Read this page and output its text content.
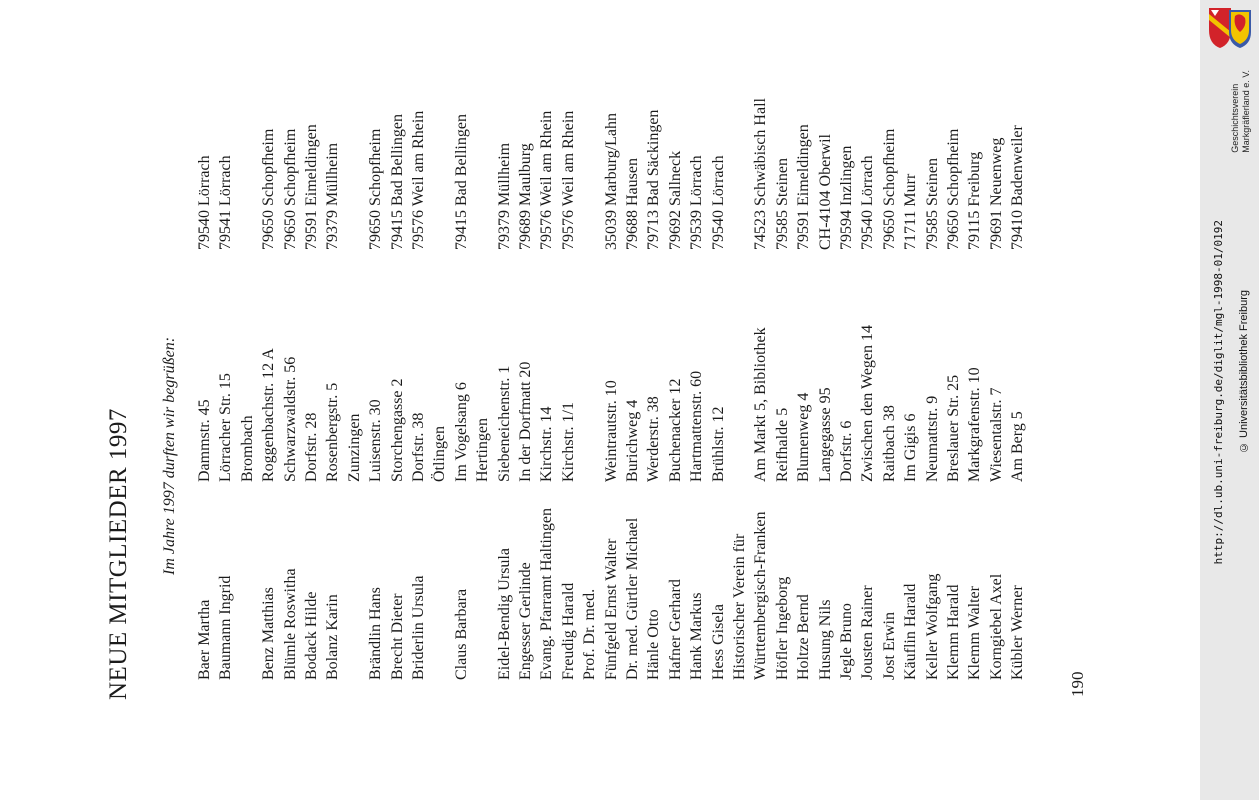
NEUE MITGLIEDER 1997 Im Jahre 1997 durften wir begrüßen:
Baer Martha
Dammstr. 45
79540 Lörrach
Baumann Ingrid
Lörracher Str. 15
79541 Lörrach
Brombach
Benz Matthias
Roggenbachstr. 12 A
79650 Schopfheim
Blümle Roswitha
Schwarzwaldstr. 56
79650 Schopfheim
Bodack Hilde
Dorfstr. 28
79591 Eimeldingen
Bolanz Karin
Rosenbergstr. 5
79379 Müllheim
Zunzingen
Brändlin Hans
Luisenstr. 30
79650 Schopfheim
Brecht Dieter
Storchengasse 2
79415 Bad Bellingen
Briderlin Ursula
Dorfstr. 38
79576 Weil am Rhein
Ötlingen
Claus Barbara
Im Vogelsang 6
79415 Bad Bellingen
Hertingen
Eidel-Bendig Ursula
Siebeneichenstr. 1
79379 Müllheim
Engesser Gerlinde
In der Dorfmatt 20
79689 Maulburg
Evang. Pfarramt Haltingen
Kirchstr. 14
79576 Weil am Rhein
Freudig Harald
Kirchstr. 1/1
79576 Weil am Rhein
Prof. Dr. med. Fünfgeld Ernst Walter
Weintrautstr. 10
35039 Marburg/Lahn
Dr. med. Gürtler Michael
Burichweg 4
79688 Hausen
Hänle Otto
Werderstr. 38
79713 Bad Säckingen
Hafner Gerhard
Buchenacker 12
79692 Sallneck
Hank Markus
Hartmattenstr. 60
79539 Lörrach
Hess Gisela
Brühlstr. 12
79540 Lörrach
Historischer Verein für Württembergisch-Franken
Am Markt 5, Bibliothek
74523 Schwäbisch Hall
Höfler Ingeborg
Reifhalde 5
79585 Steinen
Holtze Bernd
Blumenweg 4
79591 Eimeldingen
Husung Nils
Langegasse 95
CH-4104 Oberwil
Jegle Bruno
Dorfstr. 6
79594 Inzlingen
Jousten Rainer
Zwischen den Wegen 14
79540 Lörrach
Jost Erwin
Raitbach 38
79650 Schopfheim
Käuflin Harald
Im Gigis 6
71711 Murr
Keller Wolfgang
Neumattstr. 9
79585 Steinen
Klemm Harald
Breslauer Str. 25
79650 Schopfheim
Klemm Walter
Markgrafenstr. 10
79115 Freiburg
Korngiebel Axel
Wiesentalstr. 7
79691 Neuenweg
Kübler Werner
Am Berg 5
79410 Badenweiler
190
Geschichtsverein Markgräflerland e. V.
http://dl.ub.uni-freiburg.de/diglit/mgl-1998-01/0192 © Universitätsbibliothek Freiburg
